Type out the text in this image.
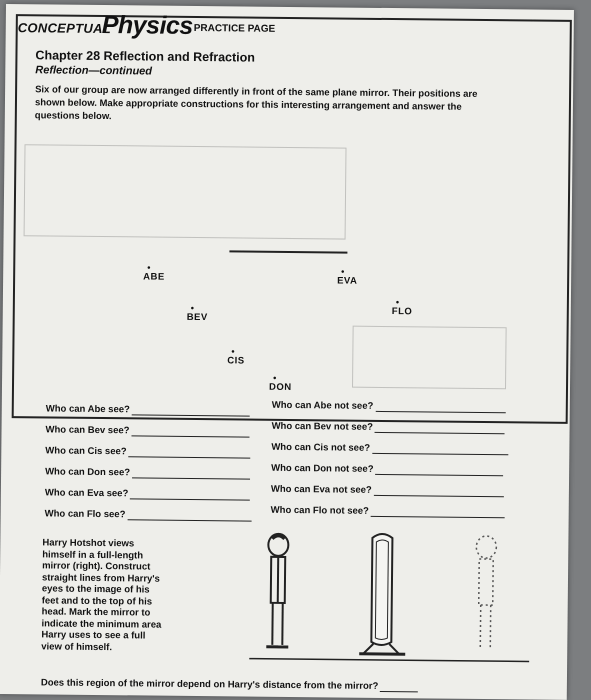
CONCEPTUAL
Physics PRACTICE PAGE
Chapter 28 Reflection and Refraction
Reflection—continued
Six of our group are now arranged differently in front of the same plane mirror. Their positions are shown below. Make appropriate constructions for this interesting arrangement and answer the questions below.
• ABE
•	EVA
• BEV
• FLO
• CIS
• DON
Who can Abe see?
Who can Bev see?
Who can Cis see?
Who can Don see?
Who can Eva see?
Who can Flo see?
Who can Abe not see?
Who can Bev not see?
Who can Cis not see?
Who can Don not see?
Who can Eva not see?
Who can Flo not see?
Harry Hotshot views himself in a full-length mirror (right). Construct straight lines from Harry's eyes to the image of his feet and to the top of his head. Mark the mirror to indicate the minimum area Harry uses to see a full view of himself.
Does this region of the mirror depend on Harry's distance from the mirror?
